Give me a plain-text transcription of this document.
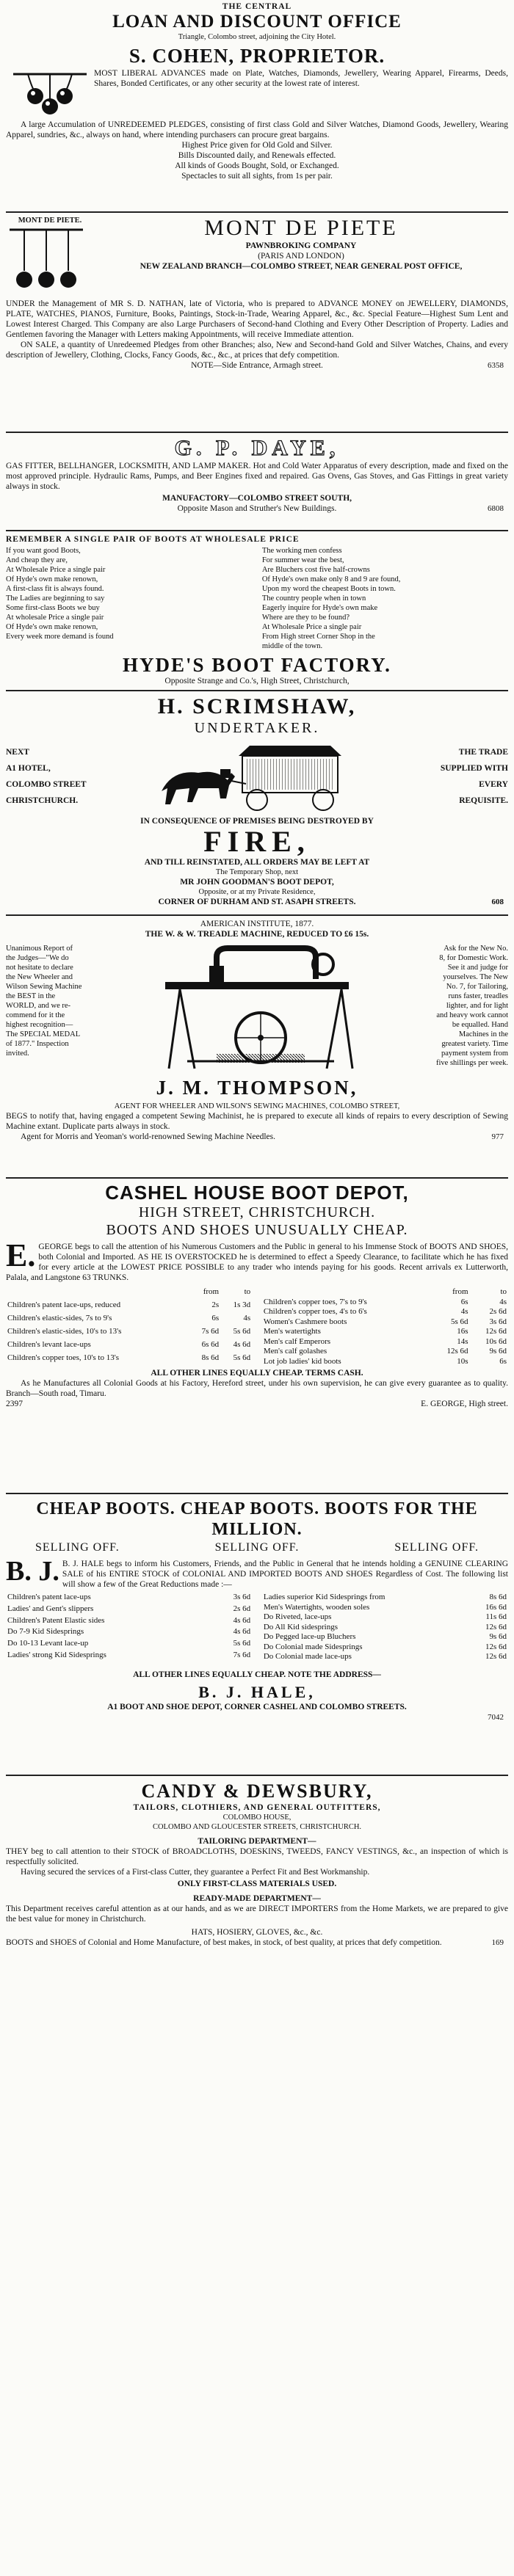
THE CENTRAL
LOAN AND DISCOUNT OFFICE
Triangle, Colombo street, adjoining the City Hotel.
S. COHEN, PROPRIETOR.
MOST LIBERAL ADVANCES made on Plate, Watches, Diamonds, Jewellery, Wearing Apparel, Firearms, Deeds, Shares, Bonded Certificates, or any other security at the lowest rate of interest.
A large Accumulation of UNREDEEMED PLEDGES, consisting of first class Gold and Silver Watches, Diamond Goods, Jewellery, Wearing Apparel, sundries, &c., always on hand, where intending purchasers can procure great bargains.
Highest Price given for Old Gold and Silver.
Bills Discounted daily, and Renewals effected.
All kinds of Goods Bought, Sold, or Exchanged.
Spectacles to suit all sights, from 1s per pair.
MONT DE PIETE.	MONT DE PIETE
PAWNBROKING COMPANY
(PARIS AND LONDON)
NEW ZEALAND BRANCH—COLOMBO STREET, NEAR GENERAL POST OFFICE,
UNDER the Management of MR S. D. NATHAN, late of Victoria, who is prepared to ADVANCE MONEY on JEWELLERY, DIAMONDS, PLATE, WATCHES, PIANOS, Furniture, Books, Paintings, Stock-in-Trade, Wearing Apparel, &c., &c. Special Feature—Highest Sum Lent and Lowest Interest Charged. This Company are also Large Purchasers of Second-hand Clothing and Every Other Description of Property. Ladies and Gentlemen favoring the Manager with Letters making Appointments, will receive Immediate attention.
ON SALE, a quantity of Unredeemed Pledges from other Branches; also, New and Second-hand Gold and Silver Watches, Chains, and every description of Jewellery, Clothing, Clocks, Fancy Goods, &c., &c., at prices that defy competition.
NOTE—Side Entrance, Armagh street.	6358
G. P. DAYE,
GAS FITTER, BELLHANGER, LOCKSMITH, AND LAMP MAKER. Hot and Cold Water Apparatus of every description, made and fixed on the most approved principle. Hydraulic Rams, Pumps, and Beer Engines fixed and repaired. Gas Ovens, Gas Stoves, and Gas Fittings in great variety always in stock.
MANUFACTORY—COLOMBO STREET SOUTH,
Opposite Mason and Struther's New Buildings.	6808
REMEMBER A SINGLE PAIR OF BOOTS AT WHOLESALE PRICE
If you want good Boots,
And cheap they are,
At Wholesale Price a single pair
Of Hyde's own make renown,
A first-class fit is always found.
The Ladies are beginning to say
Some first-class Boots we buy
At wholesale Price a single pair
Of Hyde's own make renown,
Every week more demand is found
The working men confess
For summer wear the best,
Are Bluchers cost five half-crowns
Of Hyde's own make only 8 and 9 are found,
Upon my word the cheapest Boots in town.
The country people when in town
Eagerly inquire for Hyde's own make
Where are they to be found?
At Wholesale Price a single pair
From High street Corner Shop in the
middle of the town.
HYDE'S BOOT FACTORY.
Opposite Strange and Co.'s, High Street, Christchurch,
H. SCRIMSHAW,
UNDERTAKER.
NEXT
A1 HOTEL,
COLOMBO STREET
CHRISTCHURCH.
THE TRADE
SUPPLIED WITH
EVERY
REQUISITE.
IN CONSEQUENCE OF PREMISES BEING DESTROYED BY
FIRE,
AND TILL REINSTATED, ALL ORDERS MAY BE LEFT AT
The Temporary Shop, next
MR JOHN GOODMAN'S BOOT DEPOT,
Opposite, or at my Private Residence,
CORNER OF DURHAM AND ST. ASAPH STREETS.	608
AMERICAN INSTITUTE, 1877.
THE W. & W. TREADLE MACHINE, REDUCED TO £6 15s.
Unanimous Report of
the Judges—"We do
not hesitate to declare
the New Wheeler and
Wilson Sewing Machine
the BEST in the
WORLD, and we re-
commend for it the
highest recognition—
The SPECIAL MEDAL
of 1877." Inspection
invited.
Ask for the New No.
8, for Domestic Work.
See it and judge for
yourselves. The New
No. 7, for Tailoring,
runs faster, treadles
lighter, and for light
and heavy work cannot
be equalled. Hand
Machines in the
greatest variety. Time
payment system from
five shillings per week.
J. M. THOMPSON,
AGENT FOR WHEELER AND WILSON'S SEWING MACHINES, COLOMBO STREET,
BEGS to notify that, having engaged a competent Sewing Machinist, he is prepared to execute all kinds of repairs to every description of Sewing Machine extant. Duplicate parts always in stock.
Agent for Morris and Yeoman's world-renowned Sewing Machine Needles.	977
CASHEL HOUSE BOOT DEPOT,
HIGH STREET, CHRISTCHURCH.
BOOTS AND SHOES UNUSUALLY CHEAP.
E. GEORGE begs to call the attention of his Numerous Customers and the Public in general to his Immense Stock of BOOTS AND SHOES, both Colonial and Imported. AS HE IS OVERSTOCKED he is determined to effect a Speedy Clearance, to facilitate which he has fixed for every article at the LOWEST PRICE POSSIBLE to any trader who intends paying for his goods. Recent arrivals ex Lutterworth, Palala, and Langstone 63 TRUNKS.
	from	to
Children's patent lace-ups, reduced	2s	1s 3d
Children's elastic-sides, 7s to 9's	6s	4s
Children's elastic-sides, 10's to 13's	7s 6d	5s 6d
Children's levant lace-ups	6s 6d	4s 6d
Children's copper toes, 10's to 13's	8s 6d	5s 6d
	from	to
Children's copper toes, 7's to 9's	6s	4s
Children's copper toes, 4's to 6's	4s	2s 6d
Women's Cashmere boots	5s 6d	3s 6d
Men's watertights	16s	12s 6d
Men's calf Emperors	14s	10s 6d
Men's calf golashes	12s 6d	9s 6d
Lot job ladies' kid boots	10s	6s
ALL OTHER LINES EQUALLY CHEAP. TERMS CASH.
As he Manufactures all Colonial Goods at his Factory, Hereford street, under his own supervision, he can give every guarantee as to quality. Branch—South road, Timaru.
2397	E. GEORGE, High street.
CHEAP BOOTS. CHEAP BOOTS. BOOTS FOR THE MILLION.
SELLING OFF.	SELLING OFF.	SELLING OFF.
B. J. B. J. HALE begs to inform his Customers, Friends, and the Public in General that he intends holding a GENUINE CLEARING SALE of his ENTIRE STOCK of COLONIAL AND IMPORTED BOOTS AND SHOES Regardless of Cost. The following list will show a few of the Great Reductions made :—
Children's patent lace-ups	3s 6d
Ladies' and Gent's slippers	2s 6d
Children's Patent Elastic sides	4s 6d
Do 7-9 Kid Sidesprings	4s 6d
Do 10-13 Levant lace-up	5s 6d
Ladies' strong Kid Sidesprings	7s 6d
Ladies superior Kid Sidesprings from	8s 6d
Men's Watertights, wooden soles	16s 6d
Do Riveted, lace-ups	11s 6d
Do All Kid sidesprings	12s 6d
Do Pegged lace-up Bluchers	9s 6d
Do Colonial made Sidesprings	12s 6d
Do Colonial made lace-ups	12s 6d
ALL OTHER LINES EQUALLY CHEAP. NOTE THE ADDRESS—
B. J. HALE,
A1 BOOT AND SHOE DEPOT, CORNER CASHEL AND COLOMBO STREETS.
7042
CANDY & DEWSBURY,
TAILORS, CLOTHIERS, AND GENERAL OUTFITTERS,
COLOMBO HOUSE,
COLOMBO AND GLOUCESTER STREETS, CHRISTCHURCH.
TAILORING DEPARTMENT—
THEY beg to call attention to their STOCK of BROADCLOTHS, DOESKINS, TWEEDS, FANCY VESTINGS, &c., an inspection of which is respectfully solicited.
Having secured the services of a First-class Cutter, they guarantee a Perfect Fit and Best Workmanship.
ONLY FIRST-CLASS MATERIALS USED.
READY-MADE DEPARTMENT—
This Department receives careful attention as at our hands, and as we are DIRECT IMPORTERS from the Home Markets, we are prepared to give the best value for money in Christchurch.
HATS, HOSIERY, GLOVES, &c., &c.
BOOTS and SHOES of Colonial and Home Manufacture, of best makes, in stock, of best quality, at prices that defy competition.	169
